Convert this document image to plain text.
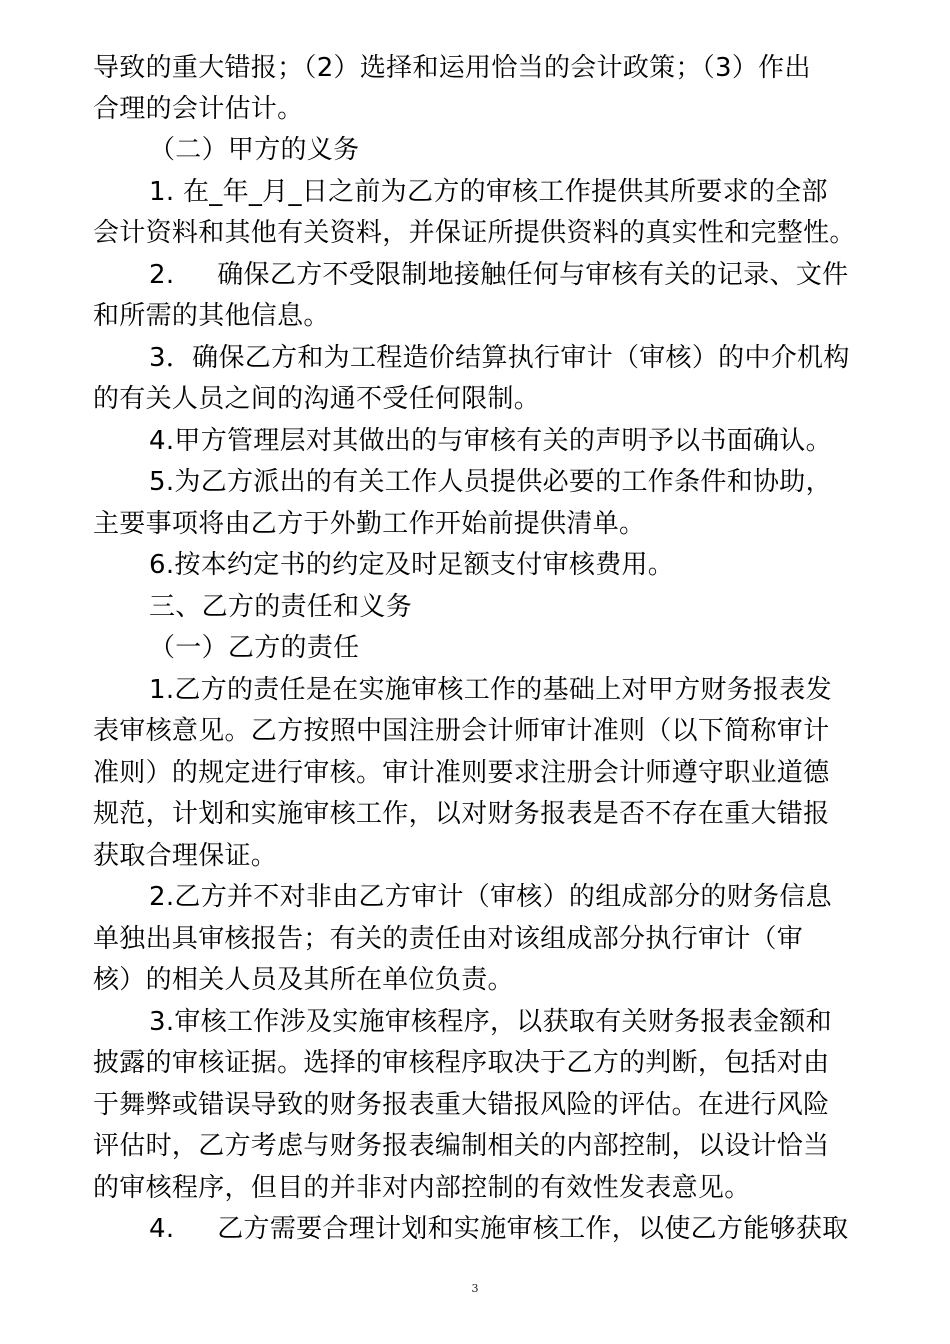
导致的重大错报；（2）选择和运用恰当的会计政策；（3）作出
合理的会计估计。
（二）甲方的义务
1. 在_年_月_日之前为乙方的审核工作提供其所要求的全部
会计资料和其他有关资料，并保证所提供资料的真实性和完整性。
2.     确保乙方不受限制地接触任何与审核有关的记录、文件
和所需的其他信息。
3．确保乙方和为工程造价结算执行审计（审核）的中介机构
的有关人员之间的沟通不受任何限制。
4.甲方管理层对其做出的与审核有关的声明予以书面确认。
5.为乙方派出的有关工作人员提供必要的工作条件和协助，
主要事项将由乙方于外勤工作开始前提供清单。
6.按本约定书的约定及时足额支付审核费用。
三、乙方的责任和义务
（一）乙方的责任
1.乙方的责任是在实施审核工作的基础上对甲方财务报表发
表审核意见。乙方按照中国注册会计师审计准则（以下简称审计
准则）的规定进行审核。审计准则要求注册会计师遵守职业道德
规范，计划和实施审核工作，以对财务报表是否不存在重大错报
获取合理保证。
2.乙方并不对非由乙方审计（审核）的组成部分的财务信息
单独出具审核报告；有关的责任由对该组成部分执行审计（审
核）的相关人员及其所在单位负责。
3.审核工作涉及实施审核程序，以获取有关财务报表金额和
披露的审核证据。选择的审核程序取决于乙方的判断，包括对由
于舞弊或错误导致的财务报表重大错报风险的评估。在进行风险
评估时，乙方考虑与财务报表编制相关的内部控制，以设计恰当
的审核程序，但目的并非对内部控制的有效性发表意见。
4.     乙方需要合理计划和实施审核工作，以使乙方能够获取
3
